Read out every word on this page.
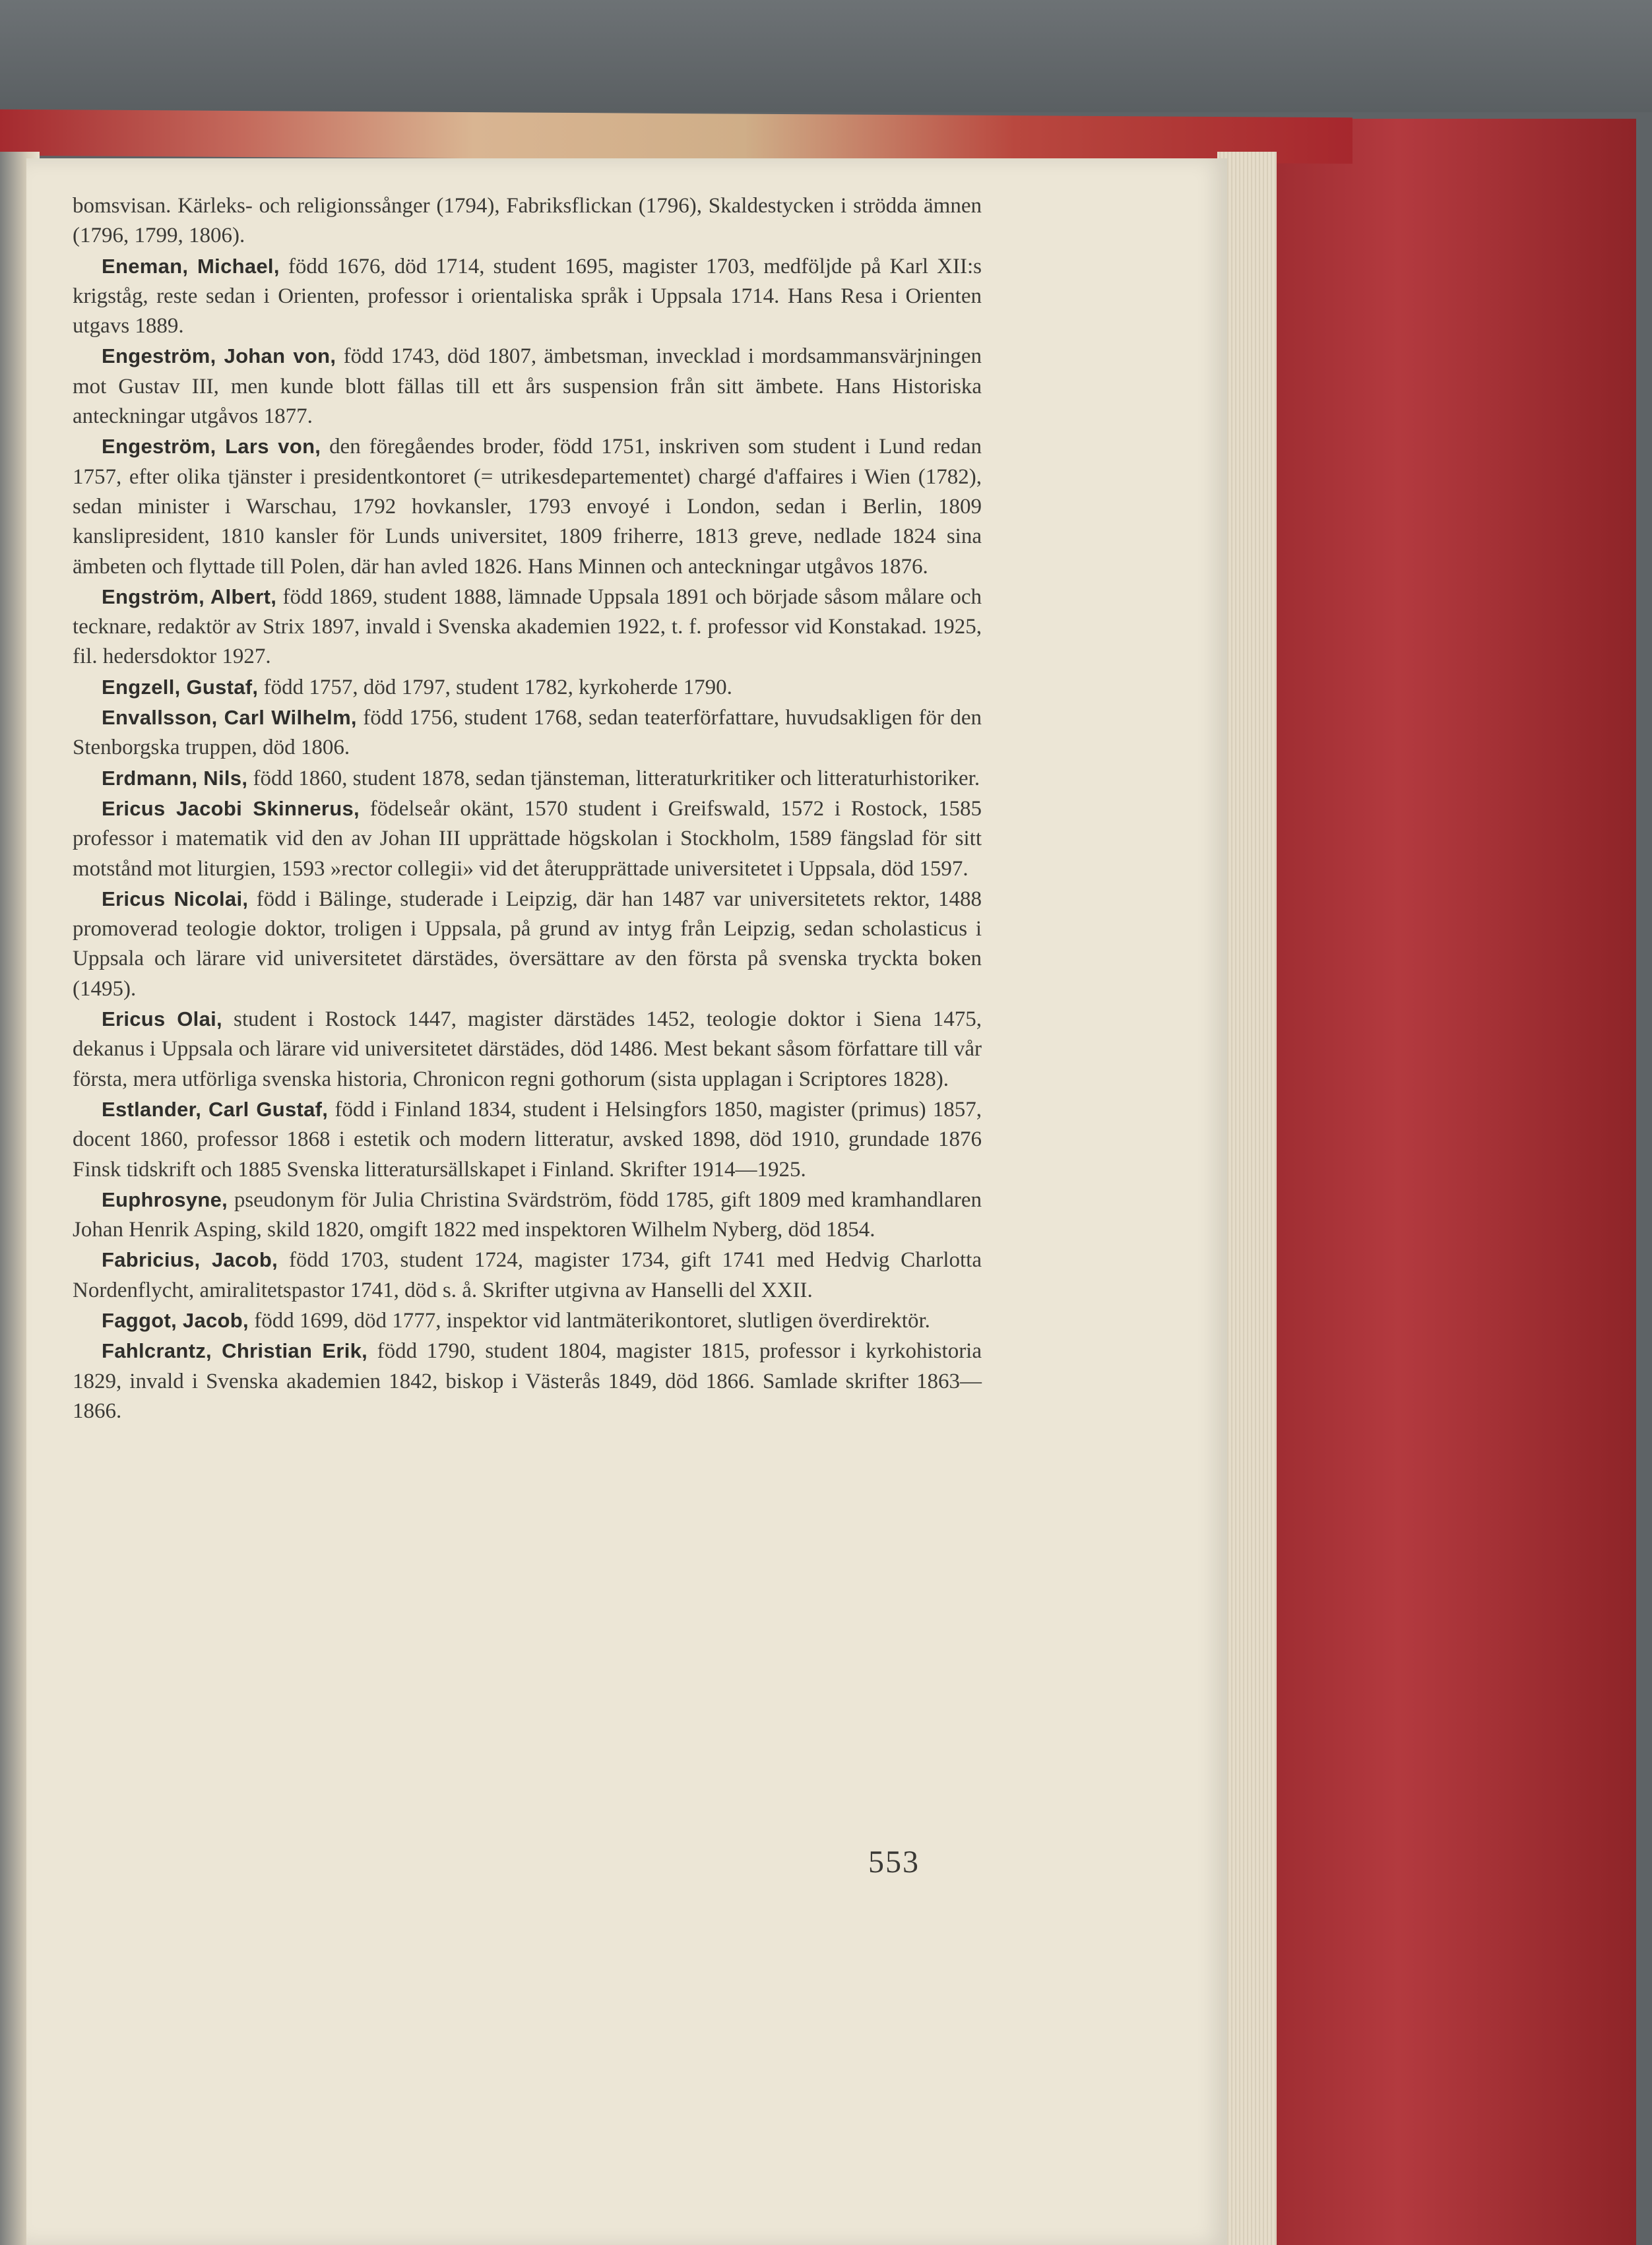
bomsvisan. Kärleks- och religionssånger (1794), Fabriksflickan (1796), Skaldestycken i strödda ämnen (1796, 1799, 1806).

Eneman, Michael, född 1676, död 1714, student 1695, magister 1703, medföljde på Karl XII:s krigståg, reste sedan i Orienten, professor i orientaliska språk i Uppsala 1714. Hans Resa i Orienten utgavs 1889.

Engeström, Johan von, född 1743, död 1807, ämbetsman, invecklad i mordsammansvärjningen mot Gustav III, men kunde blott fällas till ett års suspension från sitt ämbete. Hans Historiska anteckningar utgåvos 1877.

Engeström, Lars von, den föregåendes broder, född 1751, inskriven som student i Lund redan 1757, efter olika tjänster i presidentkontoret (= utrikesdepartementet) chargé d'affaires i Wien (1782), sedan minister i Warschau, 1792 hovkansler, 1793 envoyé i London, sedan i Berlin, 1809 kanslipresident, 1810 kansler för Lunds universitet, 1809 friherre, 1813 greve, nedlade 1824 sina ämbeten och flyttade till Polen, där han avled 1826. Hans Minnen och anteckningar utgåvos 1876.

Engström, Albert, född 1869, student 1888, lämnade Uppsala 1891 och började såsom målare och tecknare, redaktör av Strix 1897, invald i Svenska akademien 1922, t. f. professor vid Konstakad. 1925, fil. hedersdoktor 1927.

Engzell, Gustaf, född 1757, död 1797, student 1782, kyrkoherde 1790.

Envallsson, Carl Wilhelm, född 1756, student 1768, sedan teaterförfattare, huvudsakligen för den Stenborgska truppen, död 1806.

Erdmann, Nils, född 1860, student 1878, sedan tjänsteman, litteraturkritiker och litteraturhistoriker.

Ericus Jacobi Skinnerus, födelseår okänt, 1570 student i Greifswald, 1572 i Rostock, 1585 professor i matematik vid den av Johan III upprättade högskolan i Stockholm, 1589 fängslad för sitt motstånd mot liturgien, 1593 »rector collegii» vid det återupprättade universitetet i Uppsala, död 1597.

Ericus Nicolai, född i Bälinge, studerade i Leipzig, där han 1487 var universitetets rektor, 1488 promoverad teologie doktor, troligen i Uppsala, på grund av intyg från Leipzig, sedan scholasticus i Uppsala och lärare vid universitetet därstädes, översättare av den första på svenska tryckta boken (1495).

Ericus Olai, student i Rostock 1447, magister därstädes 1452, teologie doktor i Siena 1475, dekanus i Uppsala och lärare vid universitetet därstädes, död 1486. Mest bekant såsom författare till vår första, mera utförliga svenska historia, Chronicon regni gothorum (sista upplagan i Scriptores 1828).

Estlander, Carl Gustaf, född i Finland 1834, student i Helsingfors 1850, magister (primus) 1857, docent 1860, professor 1868 i estetik och modern litteratur, avsked 1898, död 1910, grundade 1876 Finsk tidskrift och 1885 Svenska litteratursällskapet i Finland. Skrifter 1914—1925.

Euphrosyne, pseudonym för Julia Christina Svärdström, född 1785, gift 1809 med kramhandlaren Johan Henrik Asping, skild 1820, omgift 1822 med inspektoren Wilhelm Nyberg, död 1854.

Fabricius, Jacob, född 1703, student 1724, magister 1734, gift 1741 med Hedvig Charlotta Nordenflycht, amiralitetspastor 1741, död s. å. Skrifter utgivna av Hanselli del XXII.

Faggot, Jacob, född 1699, död 1777, inspektor vid lantmäterikontoret, slutligen överdirektör.

Fahlcrantz, Christian Erik, född 1790, student 1804, magister 1815, professor i kyrkohistoria 1829, invald i Svenska akademien 1842, biskop i Västerås 1849, död 1866. Samlade skrifter 1863—1866.

553
